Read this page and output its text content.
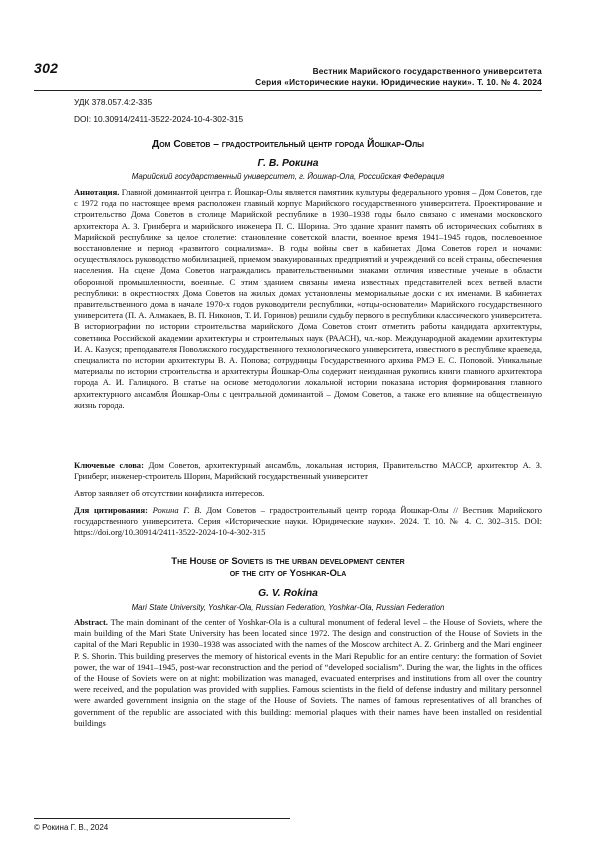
302	Вестник Марийского государственного университета
Серия «Исторические науки. Юридические науки». Т. 10. № 4. 2024
УДК 378.057.4:2-335
DOI: 10.30914/2411-3522-2024-10-4-302-315
Дом Советов – градостроительный центр города Йошкар-Олы
Г. В. Рокина
Марийский государственный университет, г. Йошкар-Ола, Российская Федерация
Аннотация. Главной доминантой центра г. Йошкар-Олы является памятник культуры федерального уровня – Дом Советов, где с 1972 года по настоящее время расположен главный корпус Марийского государственного университета. Проектирование и строительство Дома Советов в столице Марийской республике в 1930–1938 годы было связано с именами московского архитектора А. З. Гринберга и марийского инженера П. С. Шорина. Это здание хранит память об исторических событиях в Марийской республике за целое столетие: становление советской власти, военное время 1941–1945 годов, послевоенное восстановление и период «развитого социализма». В годы войны свет в кабинетах Дома Советов горел и ночами: осуществлялось руководство мобилизацией, приемом эвакуированных предприятий и учреждений со всей страны, обеспечения населения. На сцене Дома Советов награждались правительственными знаками отличия известные ученые в области оборонной промышленности, военные. С этим зданием связаны имена известных представителей всех ветвей власти республики: в окрестностях Дома Советов на жилых домах установлены мемориальные доски с их именами. В кабинетах правительственного дома в начале 1970-х годов руководители республики, «отцы-основатели» Марийского государственного университета (П. А. Алмакаев, В. П. Никонов, Т. И. Горинов) решили судьбу первого в республики классического университета. В историографии по истории строительства марийского Дома Советов стоит отметить работы кандидата архитектуры, советника Российской академии архитектуры и строительных наук (РААСН), чл.-кор. Международной академии архитектуры И. А. Казуся; преподавателя Поволжского государственного технологического университета, известного в республике краеведа, специалиста по истории архитектуры В. А. Попова; сотрудницы Государственного архива РМЭ Е. С. Поповой. Уникальные материалы по истории строительства и архитектуры Йошкар-Олы содержит неизданная рукопись книги главного архитектора города А. И. Галицкого. В статье на основе методологии локальной истории показана история формирования главного архитектурного ансамбля Йошкар-Олы с центральной доминантой – Домом Советов, а также его влияние на общественную жизнь города.
Ключевые слова: Дом Советов, архитектурный ансамбль, локальная история, Правительство МАССР, архитектор А. З. Гринберг, инженер-строитель Шорин, Марийский государственный университет
Автор заявляет об отсутствии конфликта интересов.
Для цитирования: Рокина Г. В. Дом Советов – градостроительный центр города Йошкар-Олы // Вестник Марийского государственного университета. Серия «Исторические науки. Юридические науки». 2024. Т. 10. № 4. С. 302–315. DOI: https://doi.org/10.30914/2411-3522-2024-10-4-302-315
The House of Soviets is the urban development center
of the city of Yoshkar-Ola
G. V. Rokina
Mari State University, Yoshkar-Ola, Russian Federation, Yoshkar-Ola, Russian Federation
Abstract. The main dominant of the center of Yoshkar-Ola is a cultural monument of federal level – the House of Soviets, where the main building of the Mari State University has been located since 1972. The design and construction of the House of Soviets in the capital of the Mari Republic in 1930–1938 was associated with the names of the Moscow architect A. Z. Grinberg and the Mari engineer P. S. Shorin. This building preserves the memory of historical events in the Mari Republic for an entire century: the formation of Soviet power, the war of 1941–1945, post-war reconstruction and the period of “developed socialism”. During the war, the lights in the offices of the House of Soviets were on at night: mobilization was managed, evacuated enterprises and institutions from all over the country were received, and the population was provided with supplies. Famous scientists in the field of defense industry and military personnel were awarded government insignia on the stage of the House of Soviets. The names of famous representatives of all branches of government of the republic are associated with this building: memorial plaques with their names have been installed on residential buildings
© Рокина Г. В., 2024
